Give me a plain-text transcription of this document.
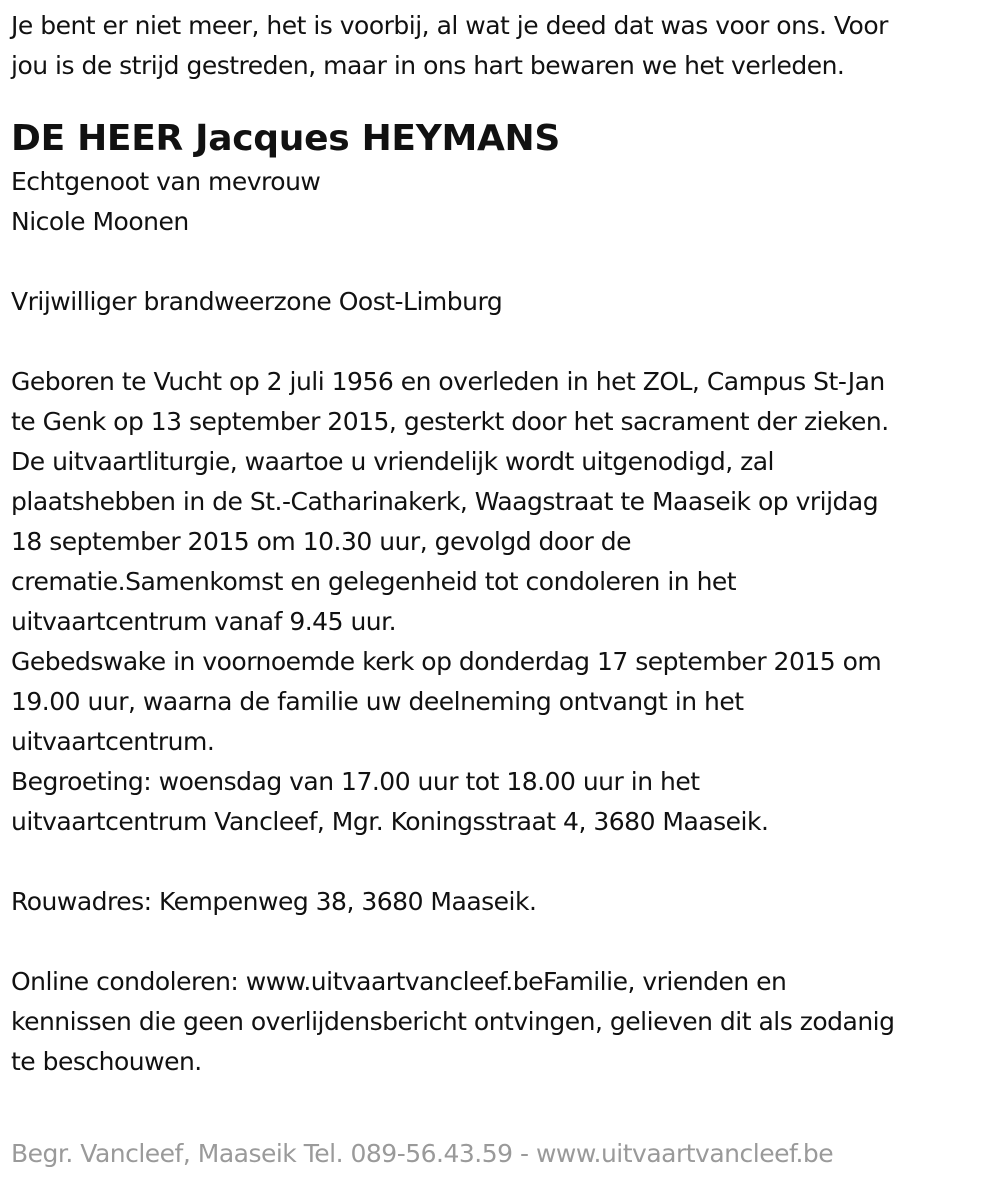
Je bent er niet meer, het is voorbij, al wat je deed dat was voor ons. Voor
jou is de strijd gestreden, maar in ons hart bewaren we het verleden.
DE HEER Jacques HEYMANS
Echtgenoot van mevrouw
Nicole Moonen
Vrijwilliger brandweerzone Oost-Limburg
Geboren te Vucht op 2 juli 1956 en overleden in het ZOL, Campus St-Jan
te Genk op 13 september 2015, gesterkt door het sacrament der zieken.
De uitvaartliturgie, waartoe u vriendelijk wordt uitgenodigd, zal
plaatshebben in de St.-Catharinakerk, Waagstraat te Maaseik op vrijdag
18 september 2015 om 10.30 uur, gevolgd door de
crematie.Samenkomst en gelegenheid tot condoleren in het
uitvaartcentrum vanaf 9.45 uur.
Gebedswake in voornoemde kerk op donderdag 17 september 2015 om
19.00 uur, waarna de familie uw deelneming ontvangt in het
uitvaartcentrum.
Begroeting: woensdag van 17.00 uur tot 18.00 uur in het
uitvaartcentrum Vancleef, Mgr. Koningsstraat 4, 3680 Maaseik.
Rouwadres: Kempenweg 38, 3680 Maaseik.
Online condoleren: www.uitvaartvancleef.beFamilie, vrienden en
kennissen die geen overlijdensbericht ontvingen, gelieven dit als zodanig
te beschouwen.
Begr. Vancleef, Maaseik Tel. 089-56.43.59 - www.uitvaartvancleef.be
